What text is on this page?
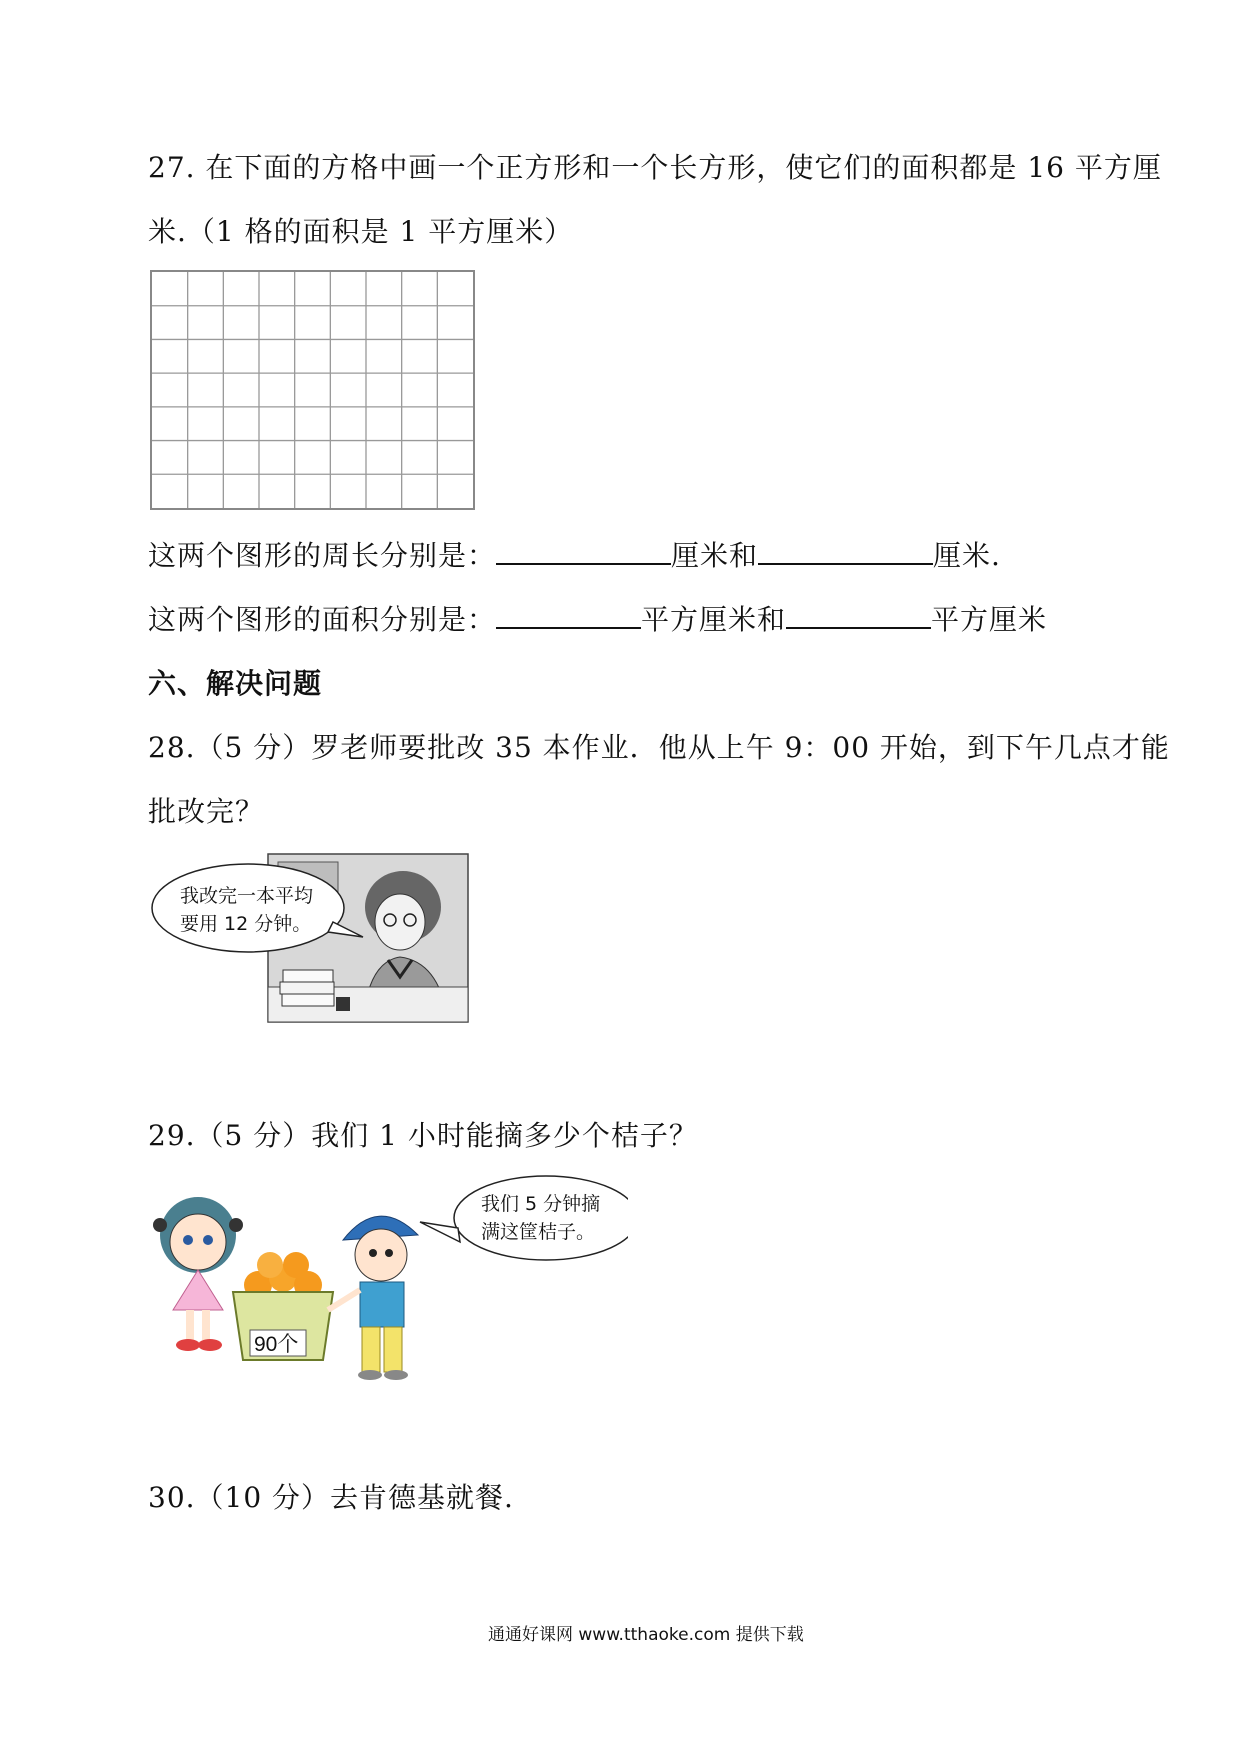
27. 在下面的方格中画一个正方形和一个长方形，使它们的面积都是 16 平方厘
米.（1 格的面积是 1 平方厘米）
这两个图形的周长分别是：	厘米和	厘米.
这两个图形的面积分别是：	平方厘米和	平方厘米
六、解决问题
28.（5 分）罗老师要批改 35 本作业．他从上午 9：00 开始，到下午几点才能
批改完？
我改完一本平均
要用 12 分钟。
29.（5 分）我们 1 小时能摘多少个桔子？
90个
我们 5 分钟摘
满这筐桔子。
30.（10 分）去肯德基就餐.
通通好课网 www.tthaoke.com 提供下载
